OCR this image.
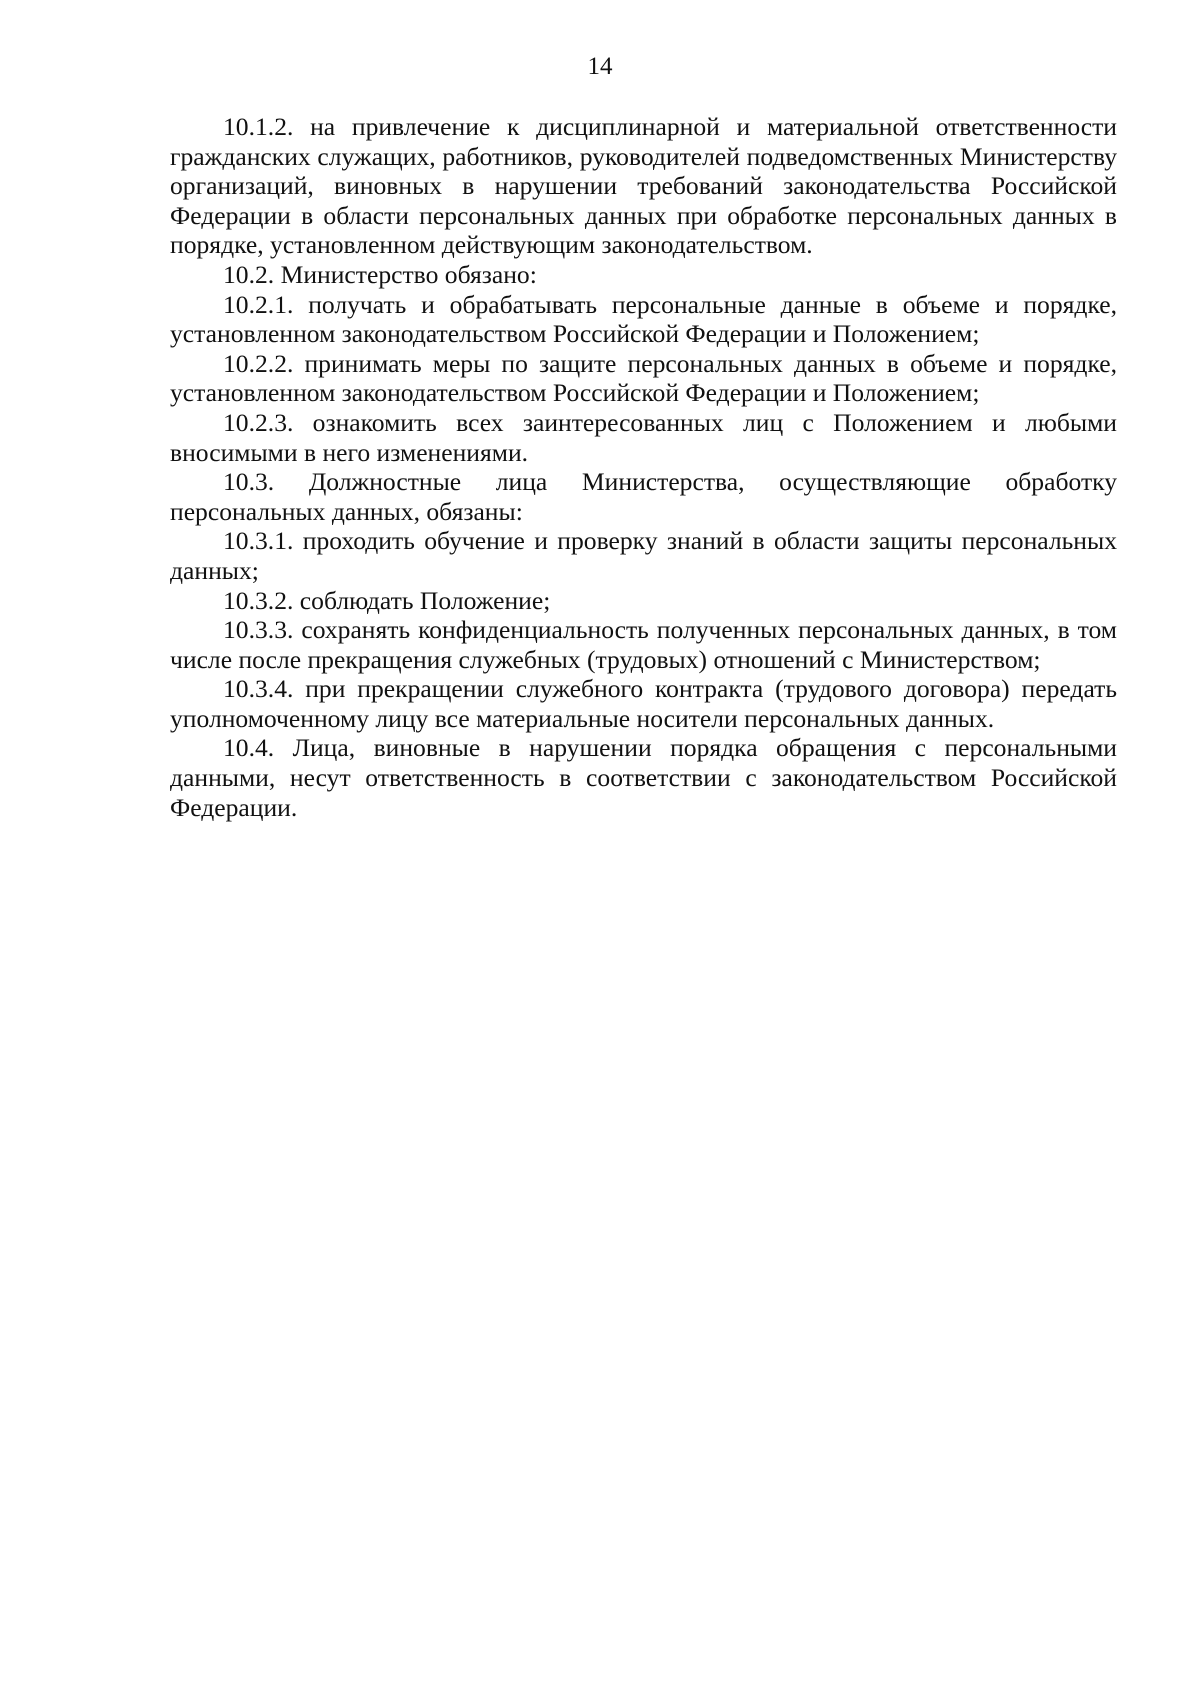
14

10.1.2. на привлечение к дисциплинарной и материальной ответственности гражданских служащих, работников, руководителей подведомственных Министерству организаций, виновных в нарушении требований законодательства Российской Федерации в области персональных данных при обработке персональных данных в порядке, установленном действующим законодательством.

10.2. Министерство обязано:

10.2.1. получать и обрабатывать персональные данные в объеме и порядке, установленном законодательством Российской Федерации и Положением;

10.2.2. принимать меры по защите персональных данных в объеме и порядке, установленном законодательством Российской Федерации и Положением;

10.2.3. ознакомить всех заинтересованных лиц с Положением и любыми вносимыми в него изменениями.

10.3. Должностные лица Министерства, осуществляющие обработку персональных данных, обязаны:

10.3.1. проходить обучение и проверку знаний в области защиты персональных данных;

10.3.2. соблюдать Положение;

10.3.3. сохранять конфиденциальность полученных персональных данных, в том числе после прекращения служебных (трудовых) отношений с Министерством;

10.3.4. при прекращении служебного контракта (трудового договора) передать уполномоченному лицу все материальные носители персональных данных.

10.4. Лица, виновные в нарушении порядка обращения с персональными данными, несут ответственность в соответствии с законодательством Российской Федерации.
